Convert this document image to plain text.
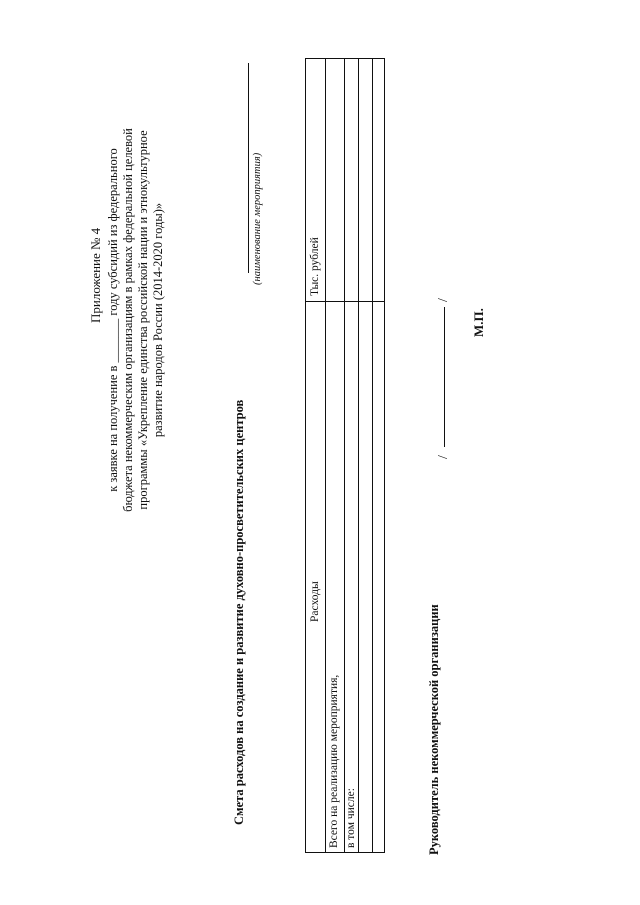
Приложение № 4 к заявке на получение в _______ году субсидий из федерального бюджета некоммерческим организациям в рамках федеральной целевой программы «Укрепление единства российской нации и этнокультурное развитие народов России (2014-2020 годы)»
Смета расходов на создание и развитие духовно-просветительских центров
(наименование мероприятия)
Расходы
Тыс. рублей
Всего на реализацию мероприятия, в том числе:	Руководитель некоммерческой организации
/
/
М.П.
